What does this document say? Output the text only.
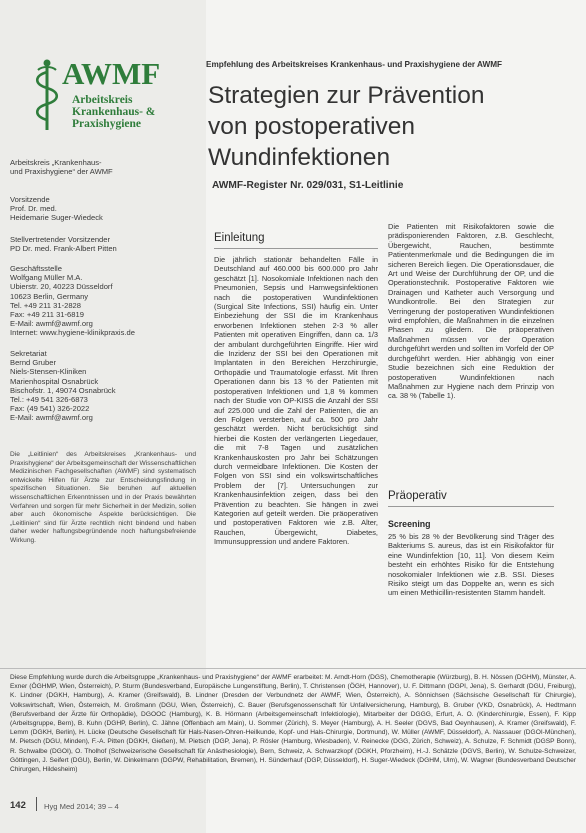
AWMF
Arbeitskreis
Krankenhaus- &
Praxishygiene
Arbeitskreis „Krankenhaus-
und Praxishygiene“ der AWMF
Vorsitzende
Prof. Dr. med.
Heidemarie Suger-Wiedeck
Stellvertretender Vorsitzender
PD Dr. med. Frank-Albert Pitten
Geschäftsstelle
Wolfgang Müller M.A.
Ubierstr. 20, 40223 Düsseldorf
10623 Berlin, Germany
Tel. +49 211 31-2828
Fax: +49 211 31-6819
E-Mail: awmf@awmf.org
Internet: www.hygiene-klinikpraxis.de
Sekretariat
Bernd Gruber
Niels-Stensen-Kliniken
Marienhospital Osnabrück
Bischofstr. 1, 49074 Osnabrück
Tel.: +49 541 326-6873
Fax: (49 541) 326-2022
E-Mail: awmf@awmf.org
Die „Leitlinien“ des Arbeitskreises „Krankenhaus- und Praxishygiene“ der Arbeitsgemeinschaft der Wissenschaftlichen Medizinischen Fachgesellschaften (AWMF) sind systematisch entwickelte Hilfen für Ärzte zur Entscheidungsfindung in spezifischen Situationen. Sie beruhen auf aktuellen wissenschaftlichen Erkenntnissen und in der Praxis bewährten Verfahren und sorgen für mehr Sicherheit in der Medizin, sollen aber auch ökonomische Aspekte berücksichtigen. Die „Leitlinien“ sind für Ärzte rechtlich nicht bindend und haben daher weder haftungsbegründende noch haftungsbefreiende Wirkung.
Empfehlung des Arbeitskreises Krankenhaus- und Praxishygiene der AWMF
Strategien zur Prävention
von postoperativen
Wundinfektionen
AWMF-Register Nr. 029/031, S1-Leitlinie
Einleitung
Die jährlich stationär behandelten Fälle in Deutschland auf 460.000 bis 600.000 pro Jahr geschätzt [1]. Nosokomiale Infektionen nach den Pneumonien, Sepsis und Harnwegsinfektionen nach die postoperativen Wundinfektionen (Surgical Site Infections, SSI) häufig ein. Unter Einbeziehung der SSI die im Krankenhaus erworbenen Infektionen stehen 2-3 % aller Patienten mit operativen Eingriffen, dann ca. 1/3 der ambulant durchgeführten Eingriffe. Hier wird die Inzidenz der SSI bei den Operationen mit Implantaten in den Bereichen Herzchirurgie, Orthopädie und Traumatologie erfasst. Mit Ihren Operationen dann bis 13 % der Patienten mit postoperativen Infektionen und 1,8 % kommen nach der Studie von OP-KISS die Anzahl der SSI auf 225.000 und die Zahl der Patienten, die an den Folgen versterben, auf ca. 500 pro Jahr geschätzt werden. Nicht berücksichtigt sind hierbei die Kosten der verlängerten Liegedauer, die mit 7-8 Tagen und zusätzlichen Krankenhauskosten pro Jahr bei Schätzungen durch vermeidbare Infektionen. Die Kosten der Folgen von SSI sind ein volkswirtschaftliches Problem der [7]. Untersuchungen zur Krankenhausinfektion zeigen, dass bei den Prävention zu beachten. Sie hängen in zwei Kategorien auf geteilt werden. Die präoperativen und postoperativen Faktoren wie z.B. Alter, Rauchen, Übergewicht, Diabetes, Immunsuppression und andere Faktoren.
Die Patienten mit Risikofaktoren sowie die prädisponierenden Faktoren, z.B. Geschlecht, Übergewicht, Rauchen, bestimmte Patientenmerkmale und die Bedingungen die im sicheren Bereich liegen. Die Operationsdauer, die Art und Weise der Durchführung der OP, und die Operationstechnik. Postoperative Faktoren wie Drainagen und Katheter auch Versorgung und Wundkontrolle. Bei den Strategien zur Verringerung der postoperativen Wundinfektionen wird empfohlen, die Maßnahmen in die einzelnen Phasen zu gliedern. Die präoperativen Maßnahmen müssen vor der Operation durchgeführt werden und sollten im Vorfeld der OP durchgeführt werden. Hier abhängig von einer Studie bezeichnen sich eine Reduktion der postoperativen Wundinfektionen nach Maßnahmen zur Hygiene nach dem Prinzip von ca. 38 % (Tabelle 1).
Präoperativ
Screening
25 % bis 28 % der Bevölkerung sind Träger des Bakteriums S. aureus, das ist ein Risikofaktor für eine Wundinfektion [10, 11]. Von diesem Keim besteht ein erhöhtes Risiko für die Entstehung nosokomialer Infektionen wie z.B. SSI. Dieses Risiko steigt um das Doppelte an, wenn es sich um einen Methicillin-resistenten Stamm handelt.
Diese Empfehlung wurde durch die Arbeitsgruppe „Krankenhaus- und Praxishygiene“ der AWMF erarbeitet: M. Arndt-Horn (DGS), Chemotherapie (Würzburg), B. H. Nössen (DGHM), Münster, A. Exner (ÖGHMP, Wien, Österreich), P. Sturm (Bundesverband, Europäische Lungenstiftung, Berlin), T. Christensen (ÖGH, Hannover), U. F. Dittmann (DGPI, Jena), S. Gerhardt (DGU, Freiburg), K. Lindner (DGKH, Hamburg), A. Kramer (Greifswald), B. Lindner (Dresden der Verbundnetz der AWMF, Wien, Österreich), A. Sönnichsen (Sächsische Gesellschaft für Chirurgie), Volkswirtschaft, Wien, Österreich, M. Großmann (DGU, Wien, Österreich), C. Bauer (Berufsgenossenschaft für Unfallversicherung, Hamburg), B. Gruber (VKD, Osnabrück), A. Hedtmann (Berufsverband der Ärzte für Orthopädie), DGOOC (Hamburg), K. B. Hörmann (Arbeitsgemeinschaft Infektiologie), Mitarbeiter der DGGG, Erfurt, A. O. (Kinderchirurgie, Essen), F. Kipp (Arbeitsgruppe, Bern), B. Kuhn (DGHP, Berlin), C. Jähne (Offenbach am Main), U. Sommer (Zürich), S. Meyer (Hamburg), A. H. Seeler (DGVS, Bad Oeynhausen), A. Kramer (Greifswald), F. Lemm (DGKH, Berlin), H. Lücke (Deutsche Gesellschaft für Hals-Nasen-Ohren-Heilkunde, Kopf- und Hals-Chirurgie, Dortmund), W. Müller (AWMF, Düsseldorf), A. Nassauer (DGOI-München), M. Pietsch (DGU, Minden), F.-A. Pitten (DGKH, Gießen), M. Pietsch (DGP, Jena), P. Rösler (Hamburg, Wiesbaden), V. Reinecke (DGG, Zürich, Schweiz), A. Schulze, F. Schmidt (DGSP Bonn), R. Schwalbe (DGOI), O. Tholhof (Schweizerische Gesellschaft für Anästhesiologie), Bern, Schweiz, A. Schwarzkopf (DGKH, Pforzheim), H.-J. Schätzle (DGVS, Berlin), W. Schulze-Schweizer, Göttingen, J. Seifert (DGU), Berlin, W. Dinkelmann (DGPW, Rehabilitation, Bremen), H. Sünderhauf (DGP, Düsseldorf), H. Suger-Wiedeck (DGHM, Ulm), W. Wagner (Bundesverband Deutscher Chirurgen, Hildesheim)
142 Hyg Med 2014; 39 – 4
